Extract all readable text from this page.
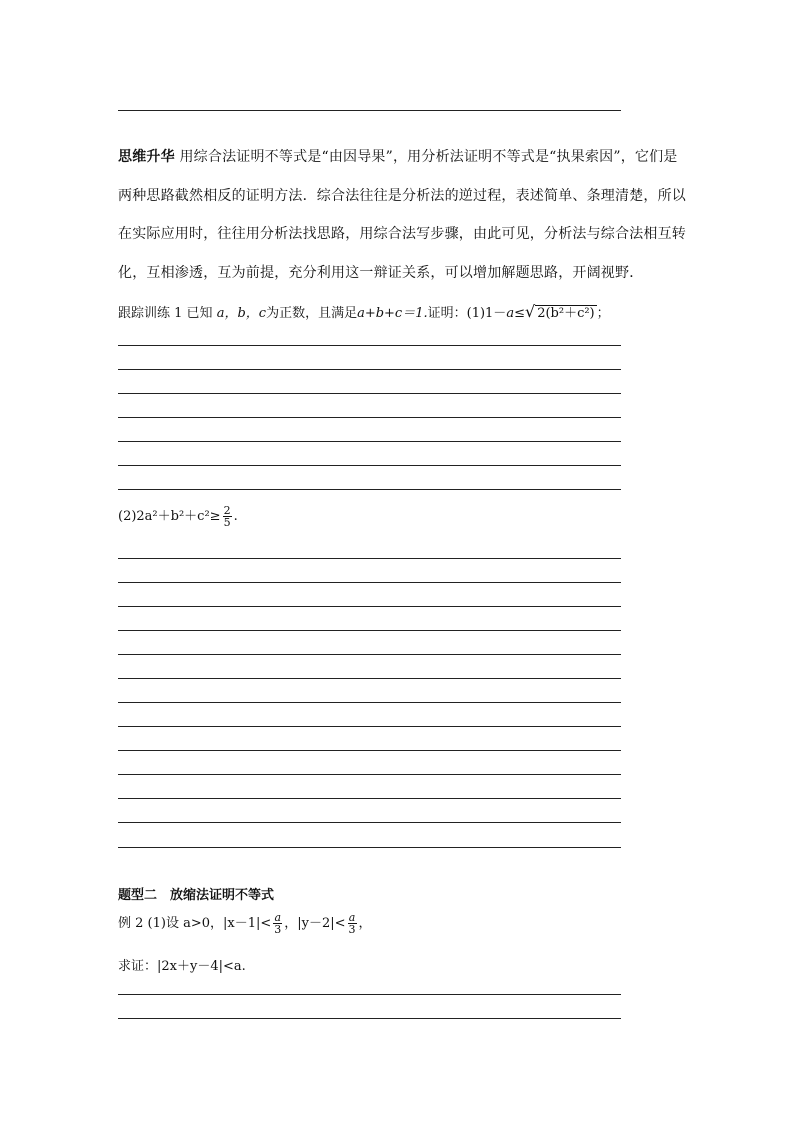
思维升华 用综合法证明不等式是“由因导果”，用分析法证明不等式是“执果索因”，它们是
两种思路截然相反的证明方法．综合法往往是分析法的逆过程，表述简单、条理清楚，所以
在实际应用时，往往用分析法找思路，用综合法写步骤，由此可见，分析法与综合法相互转
化，互相渗透，互为前提，充分利用这一辩证关系，可以增加解题思路，开阔视野．
跟踪训练 1 已知 a，b，c为正数，且满足a+b+c＝1.证明：(1)1－a≤√ 2(b²＋c²) ；
$(2)2a^2+b^2+c^2\ge \frac{2}{5}$ .
题型二　放缩法证明不等式
例 2 (1)设 a>0，$|x-1|< \frac{a}{3}$ ，$|y-2|< \frac{a}{3}$ ，
求证：|2x＋y－4|<a.
